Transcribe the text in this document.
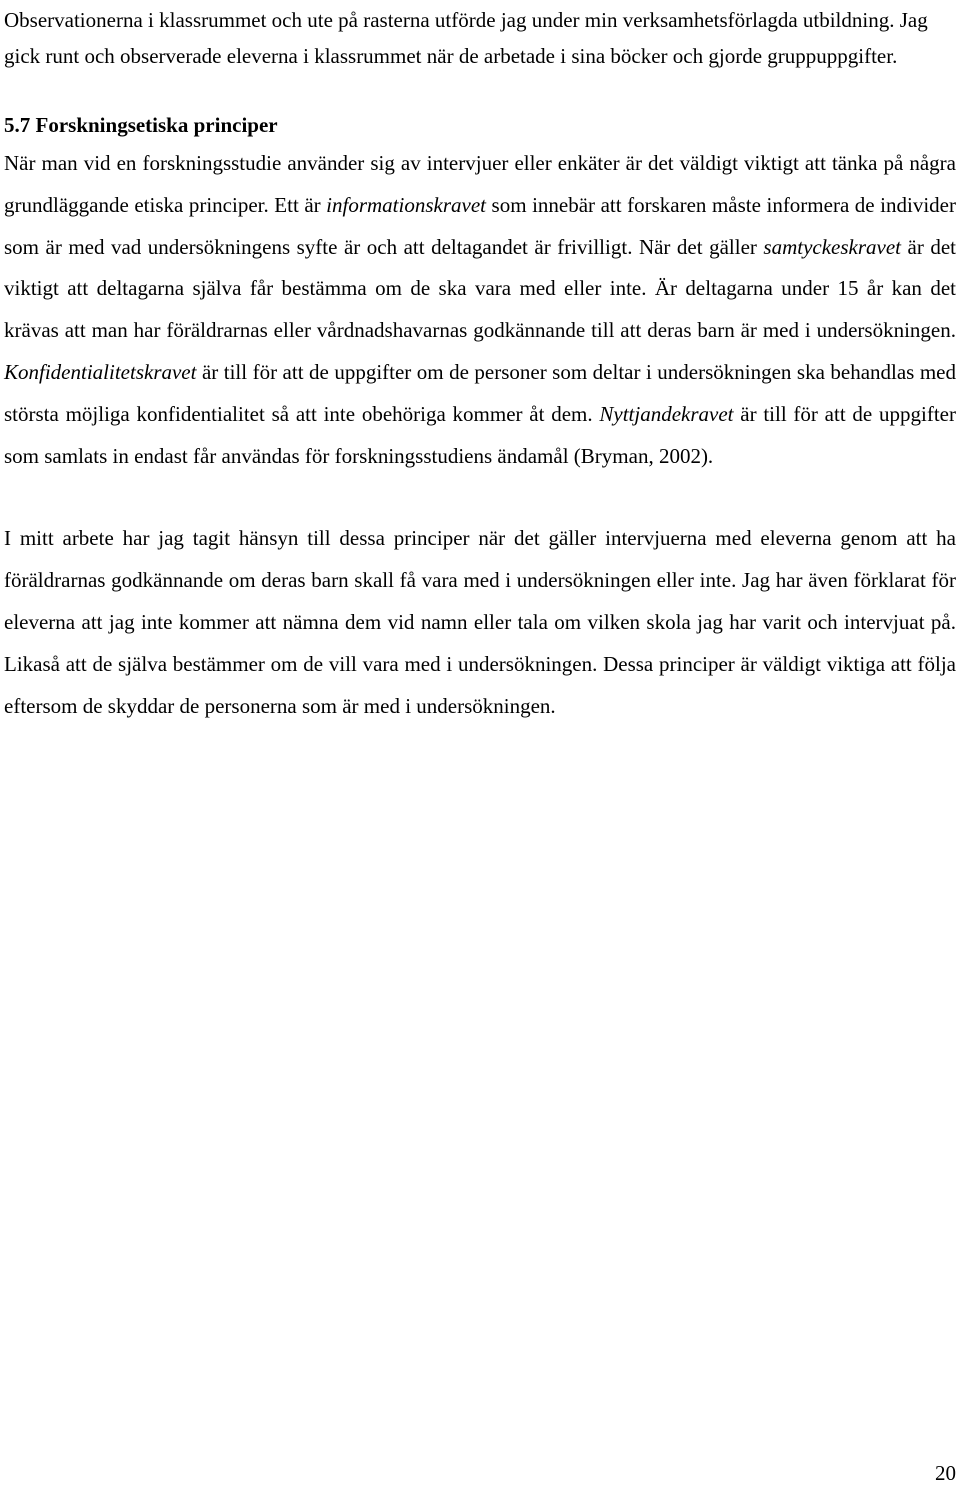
Observationerna i klassrummet och ute på rasterna utförde jag under min verksamhetsförlagda utbildning. Jag gick runt och observerade eleverna i klassrummet när de arbetade i sina böcker och gjorde gruppuppgifter.

5.7 Forskningsetiska principer

När man vid en forskningsstudie använder sig av intervjuer eller enkäter är det väldigt viktigt att tänka på några grundläggande etiska principer. Ett är informationskravet som innebär att forskaren måste informera de individer som är med vad undersökningens syfte är och att deltagandet är frivilligt. När det gäller samtyckeskravet är det viktigt att deltagarna själva får bestämma om de ska vara med eller inte. Är deltagarna under 15 år kan det krävas att man har föräldrarnas eller vårdnadshavarnas godkännande till att deras barn är med i undersökningen. Konfidentialitetskravet är till för att de uppgifter om de personer som deltar i undersökningen ska behandlas med största möjliga konfidentialitet så att inte obehöriga kommer åt dem. Nyttjandekravet är till för att de uppgifter som samlats in endast får användas för forskningsstudiens ändamål (Bryman, 2002).

I mitt arbete har jag tagit hänsyn till dessa principer när det gäller intervjuerna med eleverna genom att ha föräldrarnas godkännande om deras barn skall få vara med i undersökningen eller inte. Jag har även förklarat för eleverna att jag inte kommer att nämna dem vid namn eller tala om vilken skola jag har varit och intervjuat på. Likaså att de själva bestämmer om de vill vara med i undersökningen. Dessa principer är väldigt viktiga att följa eftersom de skyddar de personerna som är med i undersökningen.

20
